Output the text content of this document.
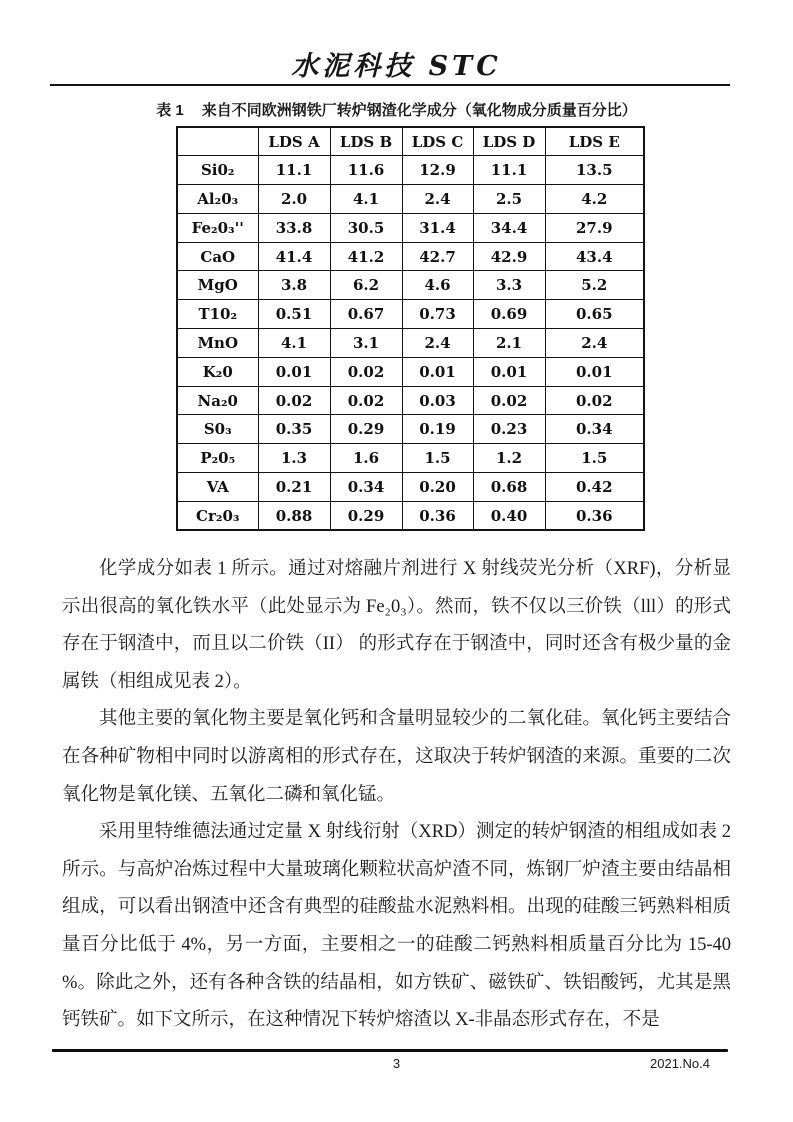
水泥科技 STC
表 1 来自不同欧洲钢铁厂转炉钢渣化学成分（氧化物成分质量百分比）
	LDS A	LDS B	LDS C	LDS D	LDS E
Si0₂	11.1	11.6	12.9	11.1	13.5
Al₂0₃	2.0	4.1	2.4	2.5	4.2
Fe₂0₃''	33.8	30.5	31.4	34.4	27.9
CaO	41.4	41.2	42.7	42.9	43.4
MgO	3.8	6.2	4.6	3.3	5.2
T10₂	0.51	0.67	0.73	0.69	0.65
MnO	4.1	3.1	2.4	2.1	2.4
K₂0	0.01	0.02	0.01	0.01	0.01
Na₂0	0.02	0.02	0.03	0.02	0.02
S0₃	0.35	0.29	0.19	0.23	0.34
P₂0₅	1.3	1.6	1.5	1.2	1.5
VA	0.21	0.34	0.20	0.68	0.42
Cr₂0₃	0.88	0.29	0.36	0.40	0.36

化学成分如表 1 所示。通过对熔融片剂进行 X 射线荧光分析（XRF)，分析显示出很高的氧化铁水平（此处显示为 Fe₂0₃）。然而，铁不仅以三价铁（lll）的形式存在于钢渣中，而且以二价铁（II） 的形式存在于钢渣中，同时还含有极少量的金属铁（相组成见表 2）。

其他主要的氧化物主要是氧化钙和含量明显较少的二氧化硅。氧化钙主要结合在各种矿物相中同时以游离相的形式存在，这取决于转炉钢渣的来源。重要的二次氧化物是氧化镁、五氧化二磷和氧化锰。

采用里特维德法通过定量 X 射线衍射（XRD）测定的转炉钢渣的相组成如表 2 所示。与高炉冶炼过程中大量玻璃化颗粒状高炉渣不同，炼钢厂炉渣主要由结晶相组成，可以看出钢渣中还含有典型的硅酸盐水泥熟料相。出现的硅酸三钙熟料相质量百分比低于 4%，另一方面，主要相之一的硅酸二钙熟料相质量百分比为 15-40 %。除此之外，还有各种含铁的结晶相，如方铁矿、磁铁矿、铁铝酸钙，尤其是黑钙铁矿。如下文所示，在这种情况下转炉熔渣以 X-非晶态形式存在，不是

3	2021.No.4
